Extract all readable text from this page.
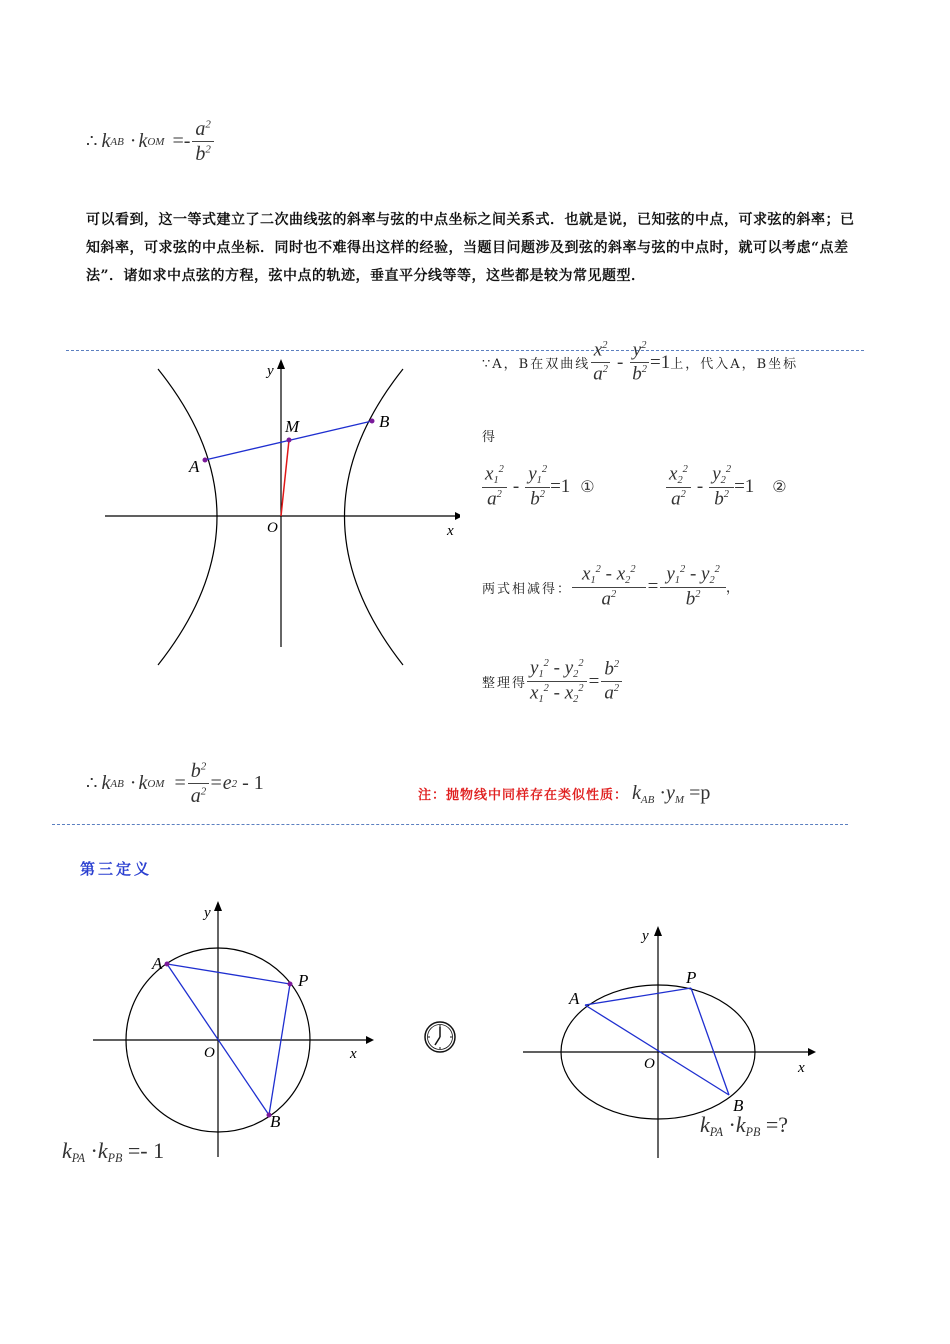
∴ k AB · k OM =- $\frac{a^2}{b^2}$
可以看到，这一等式建立了二次曲线弦的斜率与弦的中点坐标之间关系式．也就是说，已知弦的中点，可求弦的斜率；已知斜率，可求弦的中点坐标．同时也不难得出这样的经验，当题目问题涉及到弦的斜率与弦的中点时，就可以考虑“点差法”．诸如求中点弦的方程，弦中点的轨迹，垂直平分线等等，这些都是较为常见题型．
y
x
O
A
B
M
∵A，B在双曲线 $\frac{x^2}{a^2} - \frac{y^2}{b^2} =1$ 上，代入A，B坐标
得
$\frac{x_1^2}{a^2} - \frac{y_1^2}{b^2} =1$ ①	$\frac{x_2^2}{a^2} - \frac{y_2^2}{b^2} =1$ ②
两式相减得： $\frac{x_1^2 - x_2^2}{a^2} = \frac{y_1^2 - y_2^2}{b^2}$ ，
整理得 $\frac{y_1^2 - y_2^2}{x_1^2 - x_2^2} = \frac{b^2}{a^2}$
∴ k AB · k OM = $\frac{b^2}{a^2} =e$ 2 - 1
注：抛物线中同样存在类似性质： $k_{AB} \cdot y_M =p$
第三定义
y
x
O
A
P
B
$k_{PA} \cdot k_{PB} =- 1$
y
x
O
A
P
B
$k_{PA} \cdot k_{PB}$ =?
